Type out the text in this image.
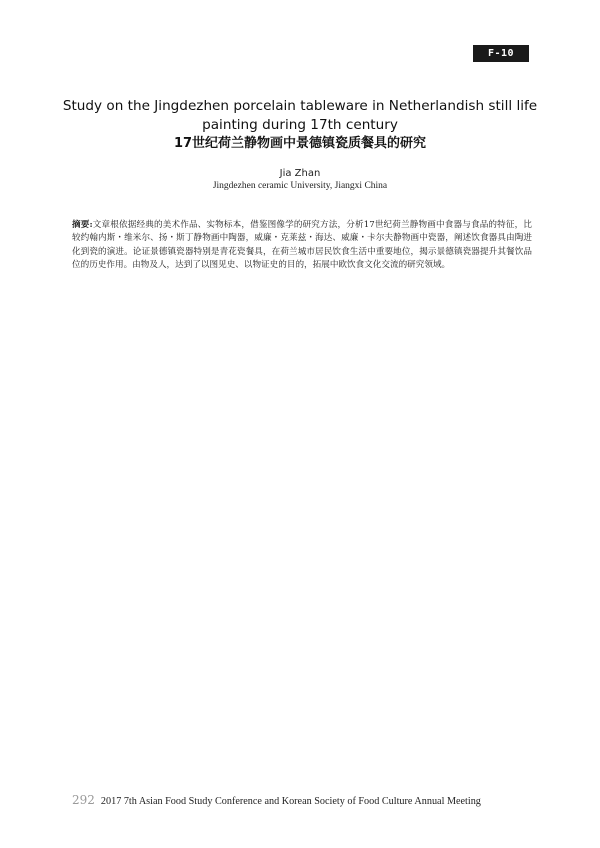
F-10
Study on the Jingdezhen porcelain tableware in Netherlandish still life painting during 17th century
17世纪荷兰静物画中景德镇瓷质餐具的研究
Jia Zhan
Jingdezhen ceramic University, Jiangxi China
摘要:文章根依据经典的美术作品、实物标本，借鉴图像学的研究方法，分析17世纪荷兰静物画中食器与食品的特征，比较约翰内斯・维米尔、扬・斯丁静物画中陶器，威廉・克莱兹・海达、威廉・卡尔夫静物画中瓷器，阐述饮食器具由陶进化到瓷的演进。论证景德镇瓷器特别是青花瓷餐具，在荷兰城市居民饮食生活中重要地位，揭示景德镇瓷器提升其餐饮品位的历史作用。由物及人，达到了以图见史、以物证史的目的，拓展中欧饮食文化交流的研究领域。
292 2017 7th Asian Food Study Conference and Korean Society of Food Culture Annual Meeting
